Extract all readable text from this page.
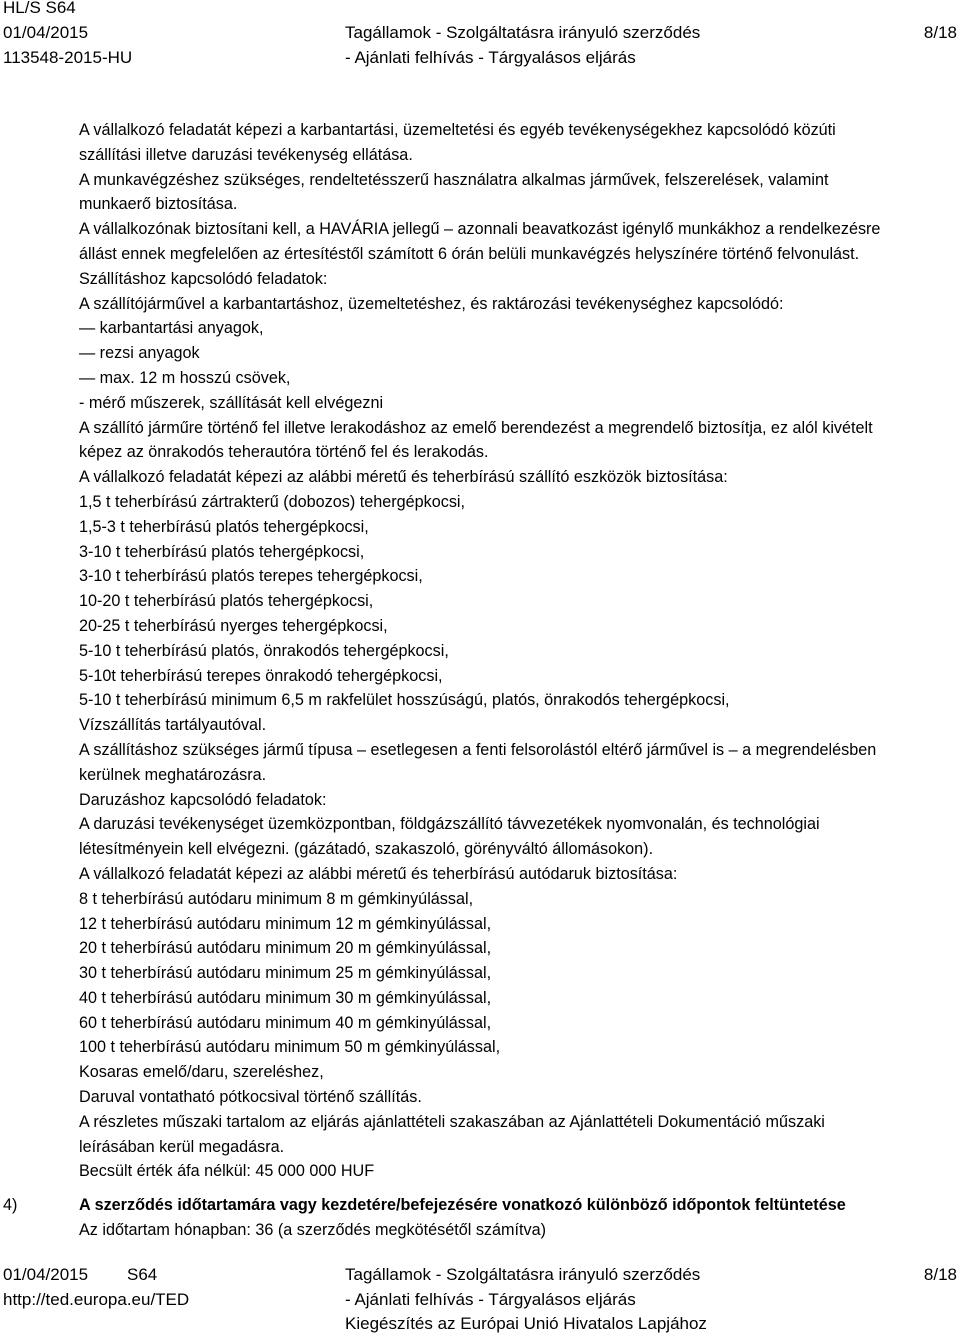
HL/S S64
01/04/2015
113548-2015-HU
Tagállamok - Szolgáltatásra irányuló szerződés
- Ajánlati felhívás - Tárgyalásos eljárás
8/18
A vállalkozó feladatát képezi a karbantartási, üzemeltetési és egyéb tevékenységekhez kapcsolódó közúti
szállítási illetve daruzási tevékenység ellátása.
A munkavégzéshez szükséges, rendeltetésszerű használatra alkalmas járművek, felszerelések, valamint
munkaerő biztosítása.
A vállalkozónak biztosítani kell, a HAVÁRIA jellegű – azonnali beavatkozást igénylő munkákhoz a rendelkezésre
állást ennek megfelelően az értesítéstől számított 6 órán belüli munkavégzés helyszínére történő felvonulást.
Szállításhoz kapcsolódó feladatok:
A szállítójárművel a karbantartáshoz, üzemeltetéshez, és raktározási tevékenységhez kapcsolódó:
— karbantartási anyagok,
— rezsi anyagok
— max. 12 m hosszú csövek,
- mérő műszerek, szállítását kell elvégezni
A szállító járműre történő fel illetve lerakodáshoz az emelő berendezést a megrendelő biztosítja, ez alól kivételt
képez az önrakodós teherautóra történő fel és lerakodás.
A vállalkozó feladatát képezi az alábbi méretű és teherbírású szállító eszközök biztosítása:
1,5 t teherbírású zártrakterű (dobozos) tehergépkocsi,
1,5-3 t teherbírású platós tehergépkocsi,
3-10 t teherbírású platós tehergépkocsi,
3-10 t teherbírású platós terepes tehergépkocsi,
10-20 t teherbírású platós tehergépkocsi,
20-25 t teherbírású nyerges tehergépkocsi,
5-10 t teherbírású platós, önrakodós tehergépkocsi,
5-10t teherbírású terepes önrakodó tehergépkocsi,
5-10 t teherbírású minimum 6,5 m rakfelület hosszúságú, platós, önrakodós tehergépkocsi,
Vízszállítás tartályautóval.
A szállításhoz szükséges jármű típusa – esetlegesen a fenti felsorolástól eltérő járművel is – a megrendelésben
kerülnek meghatározásra.
Daruzáshoz kapcsolódó feladatok:
A daruzási tevékenységet üzemközpontban, földgázszállító távvezetékek nyomvonalán, és technológiai
létesítményein kell elvégezni. (gázátadó, szakaszoló, görényváltó állomásokon).
A vállalkozó feladatát képezi az alábbi méretű és teherbírású autódaruk biztosítása:
8 t teherbírású autódaru minimum 8 m gémkinyúlással,
12 t teherbírású autódaru minimum 12 m gémkinyúlással,
20 t teherbírású autódaru minimum 20 m gémkinyúlással,
30 t teherbírású autódaru minimum 25 m gémkinyúlással,
40 t teherbírású autódaru minimum 30 m gémkinyúlással,
60 t teherbírású autódaru minimum 40 m gémkinyúlással,
100 t teherbírású autódaru minimum 50 m gémkinyúlással,
Kosaras emelő/daru, szereléshez,
Daruval vontatható pótkocsival történő szállítás.
A részletes műszaki tartalom az eljárás ajánlattételi szakaszában az Ajánlattételi Dokumentáció műszaki
leírásában kerül megadásra.
Becsült érték áfa nélkül: 45 000 000 HUF
4)	A szerződés időtartamára vagy kezdetére/befejezésére vonatkozó különböző időpontok feltüntetése
Az időtartam hónapban: 36 (a szerződés megkötésétől számítva)
01/04/2015 S64
http://ted.europa.eu/TED
Tagállamok - Szolgáltatásra irányuló szerződés
- Ajánlati felhívás - Tárgyalásos eljárás
Kiegészítés az Európai Unió Hivatalos Lapjához
8/18
